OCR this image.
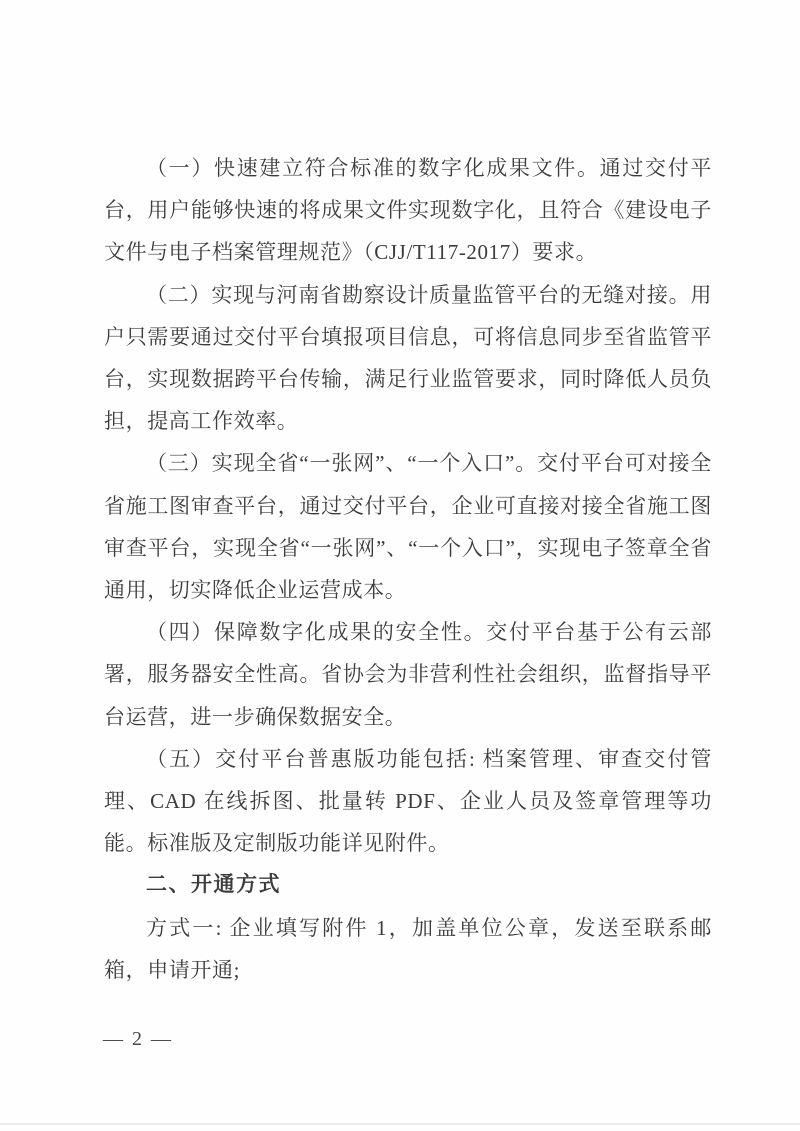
（一）快速建立符合标准的数字化成果文件。通过交付平台，用户能够快速的将成果文件实现数字化，且符合《建设电子文件与电子档案管理规范》（CJJ/T117-2017）要求。

（二）实现与河南省勘察设计质量监管平台的无缝对接。用户只需要通过交付平台填报项目信息，可将信息同步至省监管平台，实现数据跨平台传输，满足行业监管要求，同时降低人员负担，提高工作效率。

（三）实现全省“一张网”、“一个入口”。交付平台可对接全省施工图审查平台，通过交付平台，企业可直接对接全省施工图审查平台，实现全省“一张网”、“一个入口”，实现电子签章全省通用，切实降低企业运营成本。

（四）保障数字化成果的安全性。交付平台基于公有云部署，服务器安全性高。省协会为非营利性社会组织，监督指导平台运营，进一步确保数据安全。

（五）交付平台普惠版功能包括: 档案管理、审查交付管理、CAD 在线拆图、批量转 PDF、企业人员及签章管理等功能。标准版及定制版功能详见附件。

二、开通方式

方式一: 企业填写附件 1，加盖单位公章，发送至联系邮箱，申请开通;

— 2 —
